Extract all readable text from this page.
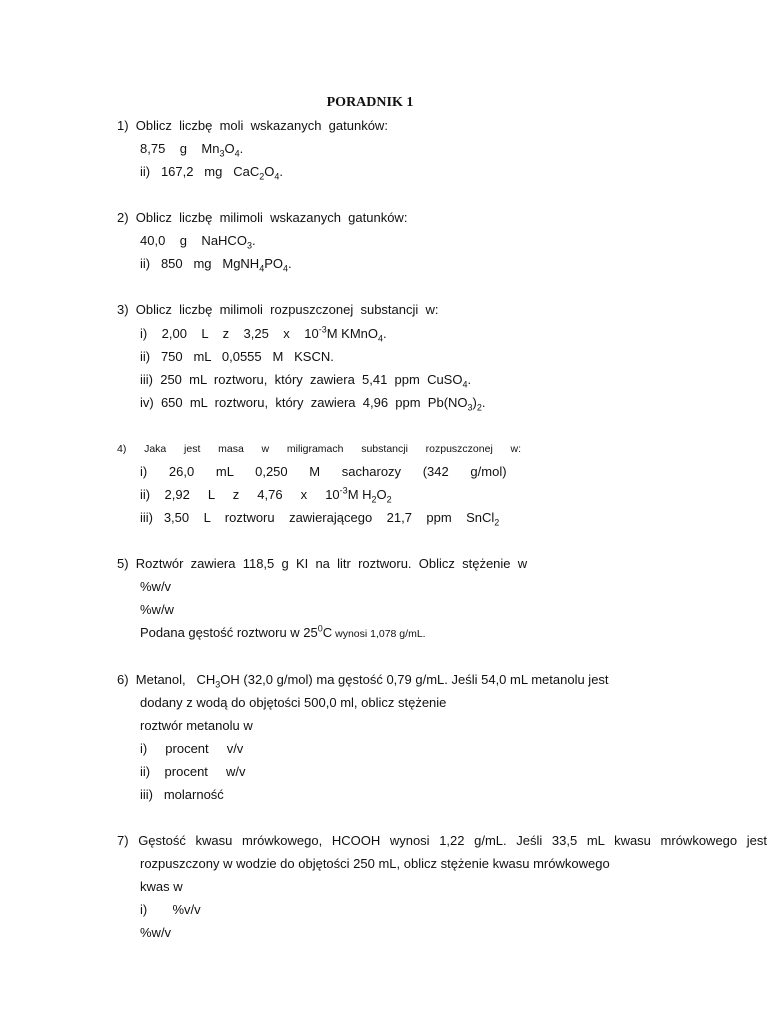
PORADNIK 1
1)  Oblicz  liczbę  moli  wskazanych  gatunków:
8,75    g    $Mn_3O_4$.
ii)   167,2   mg   $CaC_2O_4$.
2)  Oblicz  liczbę  milimoli  wskazanych  gatunków:
40,0    g    NaHCO$_3$.
ii)   850   mg   $MgNH_4PO_4$.
3)  Oblicz  liczbę  milimoli  rozpuszczonej  substancji  w:
i)    2,00    L    z    3,25    x    $10^{-3}M$ KMnO$_4$.
ii)   750   mL   0,0555   M   KSCN.
iii)  250  mL  roztworu,  który  zawiera  5,41  ppm  CuSO$_4$.
iv)  650  mL  roztworu,  który  zawiera  4,96  ppm  $Pb(NO_3)_2$.
4)   Jaka   jest   masa   w   miligramach   substancji   rozpuszczonej   w:
i)      26,0      mL      0,250      M      sacharozy      (342      g/mol)
ii)    2,92     L     z     4,76     x     $10^{-3}M$ $H_2O_2$
iii)   3,50    L    roztworu    zawierającego    21,7    ppm    SnCl$_2$
5)  Roztwór  zawiera  118,5  g  KI  na  litr  roztworu.  Oblicz  stężenie  w
%w/v
%w/w
Podana gęstość roztworu w $25^0C$ wynosi 1,078 g/mL.
6)  Metanol,   $CH_3OH$ (32,0 g/mol) ma gęstość 0,79 g/mL. Jeśli 54,0 mL metanolu jest
dodany z wodą do objętości 500,0 ml, oblicz stężenie
roztwór metanolu w
i)     procent     v/v
ii)    procent     w/v
iii)   molarność
7) Gęstość kwasu mrówkowego, HCOOH wynosi 1,22 g/mL. Jeśli 33,5 mL kwasu mrówkowego jest
rozpuszczony w wodzie do objętości 250 mL, oblicz stężenie kwasu mrówkowego
kwas w
i)       %v/v
%w/v
